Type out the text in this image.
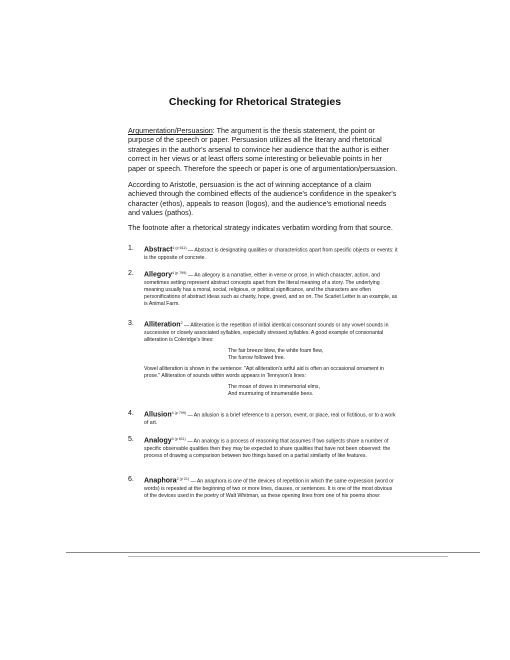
Checking for Rhetorical Strategies
Argumentation/Persuasion: The argument is the thesis statement, the point or purpose of the speech or paper. Persuasion utilizes all the literary and rhetorical strategies in the author's arsenal to convince her audience that the author is either correct in her views or at least offers some interesting or believable points in her paper or speech. Therefore the speech or paper is one of argumentation/persuasion.
According to Aristotle, persuasion is the act of winning acceptance of a claim achieved through the combined effects of the audience's confidence in the speaker's character (ethos), appeals to reason (logos), and the audience's emotional needs and values (pathos).
The footnote after a rhetorical strategy indicates verbatim wording from that source.
1. Abstract$^{1 (p 611)}$ — Abstract is designating qualities or characteristics apart from specific objects or events: it is the opposite of concrete.
2. Allegory$^{4 (p 799)}$ — An allegory is a narrative, either in verse or prose, in which character, action, and sometimes setting represent abstract concepts apart from the literal meaning of a story. The underlying meaning usually has a moral, social, religious, or political significance, and the characters are often personifications of abstract ideas such as charity, hope, greed, and so on. The Scarlet Letter is an example, as is Animal Farm.
3. Alliteration$^2$ — Alliteration is the repetition of initial identical consonant sounds or any vowel sounds in successive or closely associated syllables, especially stressed syllables. A good example of consonantal alliteration is Coleridge's lines:
The fair breeze blew, the white foam flew,
The furrow followed free.
Vowel alliteration is shown in the sentence: "Apt alliteration's artful aid is often an occasional ornament in prose." Alliteration of sounds within words appears in Tennyson's lines:
The moan of doves in immemorial elms,
And murmuring of innumerable bees.
4. Allusion$^{4 (p 799)}$ — An allusion is a brief reference to a person, event, or place, real or fictitious, or to a work of art.
5. Analogy$^{3 (p 611)}$ — An analogy is a process of reasoning that assumes if two subjects share a number of specific observable qualities then they may be expected to share qualities that have not been observed: the process of drawing a comparison between two things based on a partial similarity of like features.
6. Anaphora$^{2 (p 21)}$ — An anaphora is one of the devices of repetition in which the same expression (word or words) is repeated at the beginning of two or more lines, clauses, or sentences. It is one of the most obvious of the devices used in the poetry of Walt Whitman, as these opening lines from one of his poems show:
